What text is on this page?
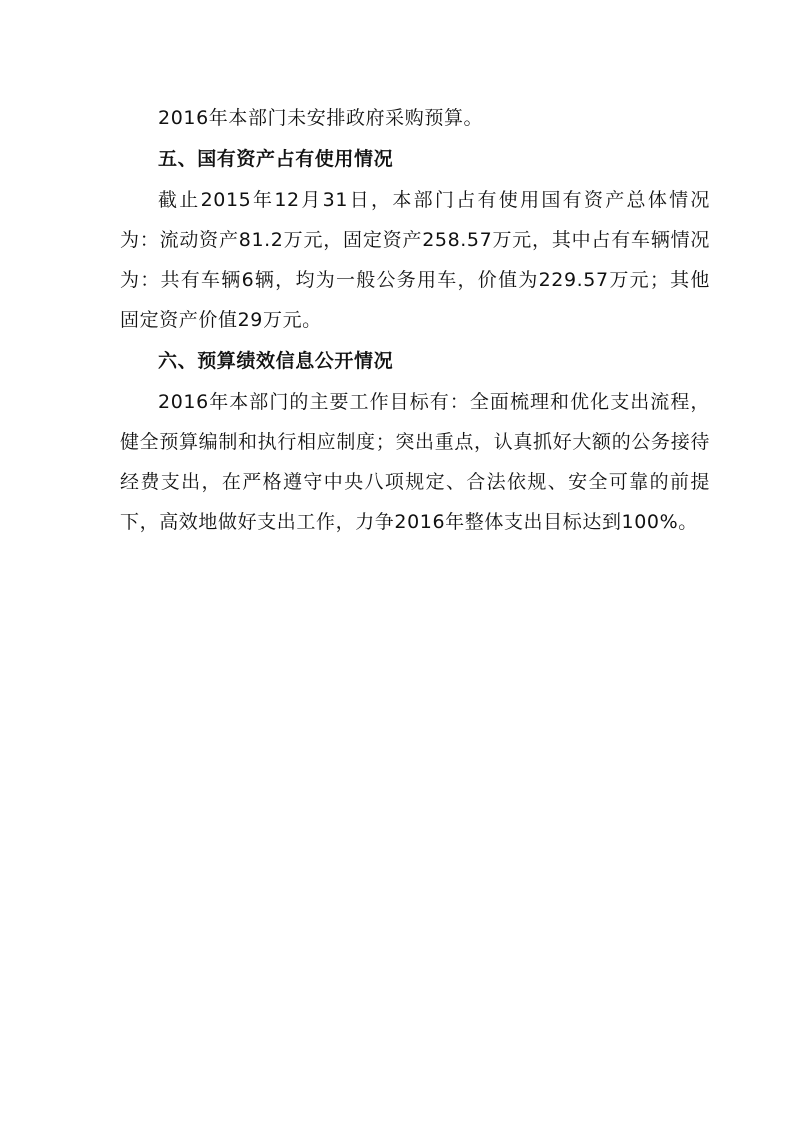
2016年本部门未安排政府采购预算。

五、国有资产占有使用情况

截止2015年12月31日，本部门占有使用国有资产总体情况为：流动资产81.2万元，固定资产258.57万元，其中占有车辆情况为：共有车辆6辆，均为一般公务用车，价值为229.57万元；其他固定资产价值29万元。

六、预算绩效信息公开情况

2016年本部门的主要工作目标有：全面梳理和优化支出流程，健全预算编制和执行相应制度；突出重点，认真抓好大额的公务接待经费支出，在严格遵守中央八项规定、合法依规、安全可靠的前提下，高效地做好支出工作，力争2016年整体支出目标达到100%。
